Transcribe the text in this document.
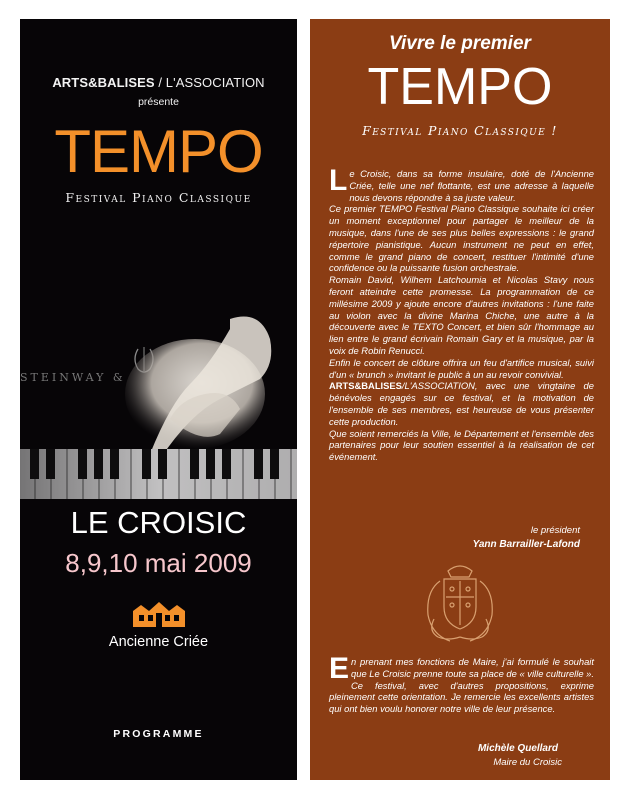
ARTS&BALISES / L'ASSOCIATION
présente
TEMPO
Festival Piano Classique
STEINWAY &
LE CROISIC
8,9,10 mai 2009
Ancienne Criée
PROGRAMME
Vivre le premier
TEMPO
Festival Piano Classique !

Le Croisic, dans sa forme insulaire, doté de l'Ancienne Criée, telle une nef flottante, est une adresse à laquelle nous devons répondre à sa juste valeur.

Ce premier TEMPO Festival Piano Classique souhaite ici créer un moment exceptionnel pour partager le meilleur de la musique, dans l'une de ses plus belles expressions : le grand répertoire pianistique. Aucun instrument ne peut en effet, comme le grand piano de concert, restituer l'intimité d'une confidence ou la puissante fusion orchestrale.

Romain David, Wilhem Latchoumia et Nicolas Stavy nous feront atteindre cette promesse. La programmation de ce millésime 2009 y ajoute encore d'autres invitations : l'une faite au violon avec la divine Marina Chiche, une autre à la découverte avec le TEXTO Concert, et bien sûr l'hommage au lien entre le grand écrivain Romain Gary et la musique, par la voix de Robin Renucci.

Enfin le concert de clôture offrira un feu d'artifice musical, suivi d'un « brunch » invitant le public à un au revoir convivial.

ARTS&BALISES/L'ASSOCIATION, avec une vingtaine de bénévoles engagés sur ce festival, et la motivation de l'ensemble de ses membres, est heureuse de vous présenter cette production.

Que soient remerciés la Ville, le Département et l'ensemble des partenaires pour leur soutien essentiel à la réalisation de cet événement.

le président
Yann Barrailler-Lafond

En prenant mes fonctions de Maire, j'ai formulé le souhait que Le Croisic prenne toute sa place de « ville culturelle ». Ce festival, avec d'autres propositions, exprime pleinement cette orientation. Je remercie les excellents artistes qui ont bien voulu honorer notre ville de leur présence.

Michèle Quellard
Maire du Croisic
